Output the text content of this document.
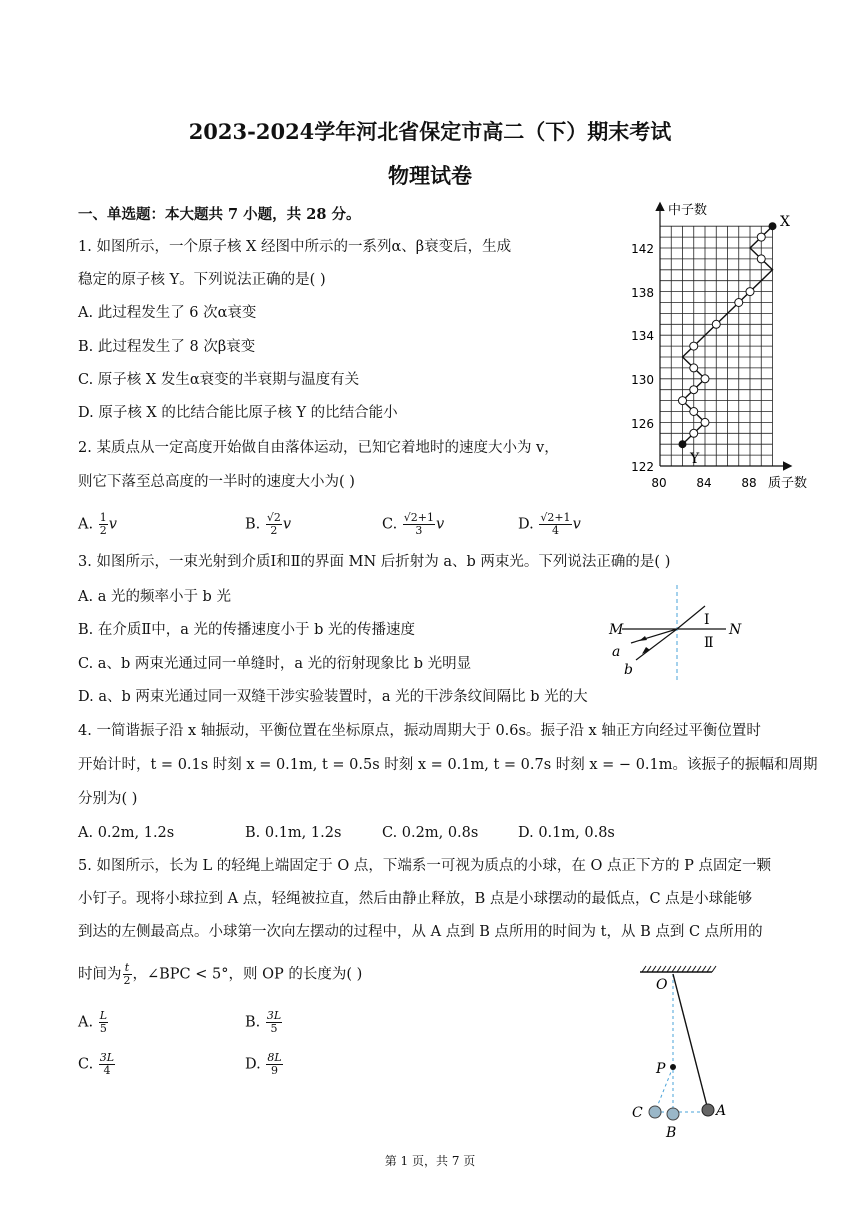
2023-2024学年河北省保定市高二（下）期末考试
物理试卷
一、单选题：本大题共 7 小题，共 28 分。
1. 如图所示，一个原子核 X 经图中所示的一系列α、β衰变后，生成
稳定的原子核 Y。下列说法正确的是( )
A. 此过程发生了 6 次α衰变
B. 此过程发生了 8 次β衰变
C. 原子核 X 发生α衰变的半衰期与温度有关
D. 原子核 X 的比结合能比原子核 Y 的比结合能小
2. 某质点从一定高度开始做自由落体运动，已知它着地时的速度大小为 v，
则它下落至总高度的一半时的速度大小为( )
A. $\frac{1}{2}$ v	B. $\frac{√2}{2}$ v	C. $\frac{√2+1}{3}$ v	D. $\frac{√2+1}{4}$ v
3. 如图所示，一束光射到介质Ⅰ和Ⅱ的界面 MN 后折射为 a、b 两束光。下列说法正确的是( )
A. a 光的频率小于 b 光
B. 在介质Ⅱ中，a 光的传播速度小于 b 光的传播速度
C. a、b 两束光通过同一单缝时，a 光的衍射现象比 b 光明显
D. a、b 两束光通过同一双缝干涉实验装置时，a 光的干涉条纹间隔比 b 光的大
4. 一简谐振子沿 x 轴振动，平衡位置在坐标原点，振动周期大于 0.6s。振子沿 x 轴正方向经过平衡位置时
开始计时，t = 0.1s 时刻 x = 0.1m, t = 0.5s 时刻 x = 0.1m, t = 0.7s 时刻 x = − 0.1m。该振子的振幅和周期
分别为( )
A. 0.2m, 1.2s	B. 0.1m, 1.2s	C. 0.2m, 0.8s	D. 0.1m, 0.8s
5. 如图所示，长为 L 的轻绳上端固定于 O 点，下端系一可视为质点的小球，在 O 点正下方的 P 点固定一颗
小钉子。现将小球拉到 A 点，轻绳被拉直，然后由静止释放，B 点是小球摆动的最低点，C 点是小球能够
到达的左侧最高点。小球第一次向左摆动的过程中，从 A 点到 B 点所用的时间为 t，从 B 点到 C 点所用的
时间为 $\frac{t}{2}$ ，∠BPC < 5°，则 OP 的长度为( )
A. $\frac{L}{5}$	B. $\frac{3L}{5}$
C. $\frac{3L}{4}$	D. $\frac{8L}{9}$
中子数
质子数
142
138
134
130
126
122
80 84 88
X
Y
M	N
Ⅰ
Ⅱ
a
b
O
P
C
B
A
第 1 页，共 7 页
